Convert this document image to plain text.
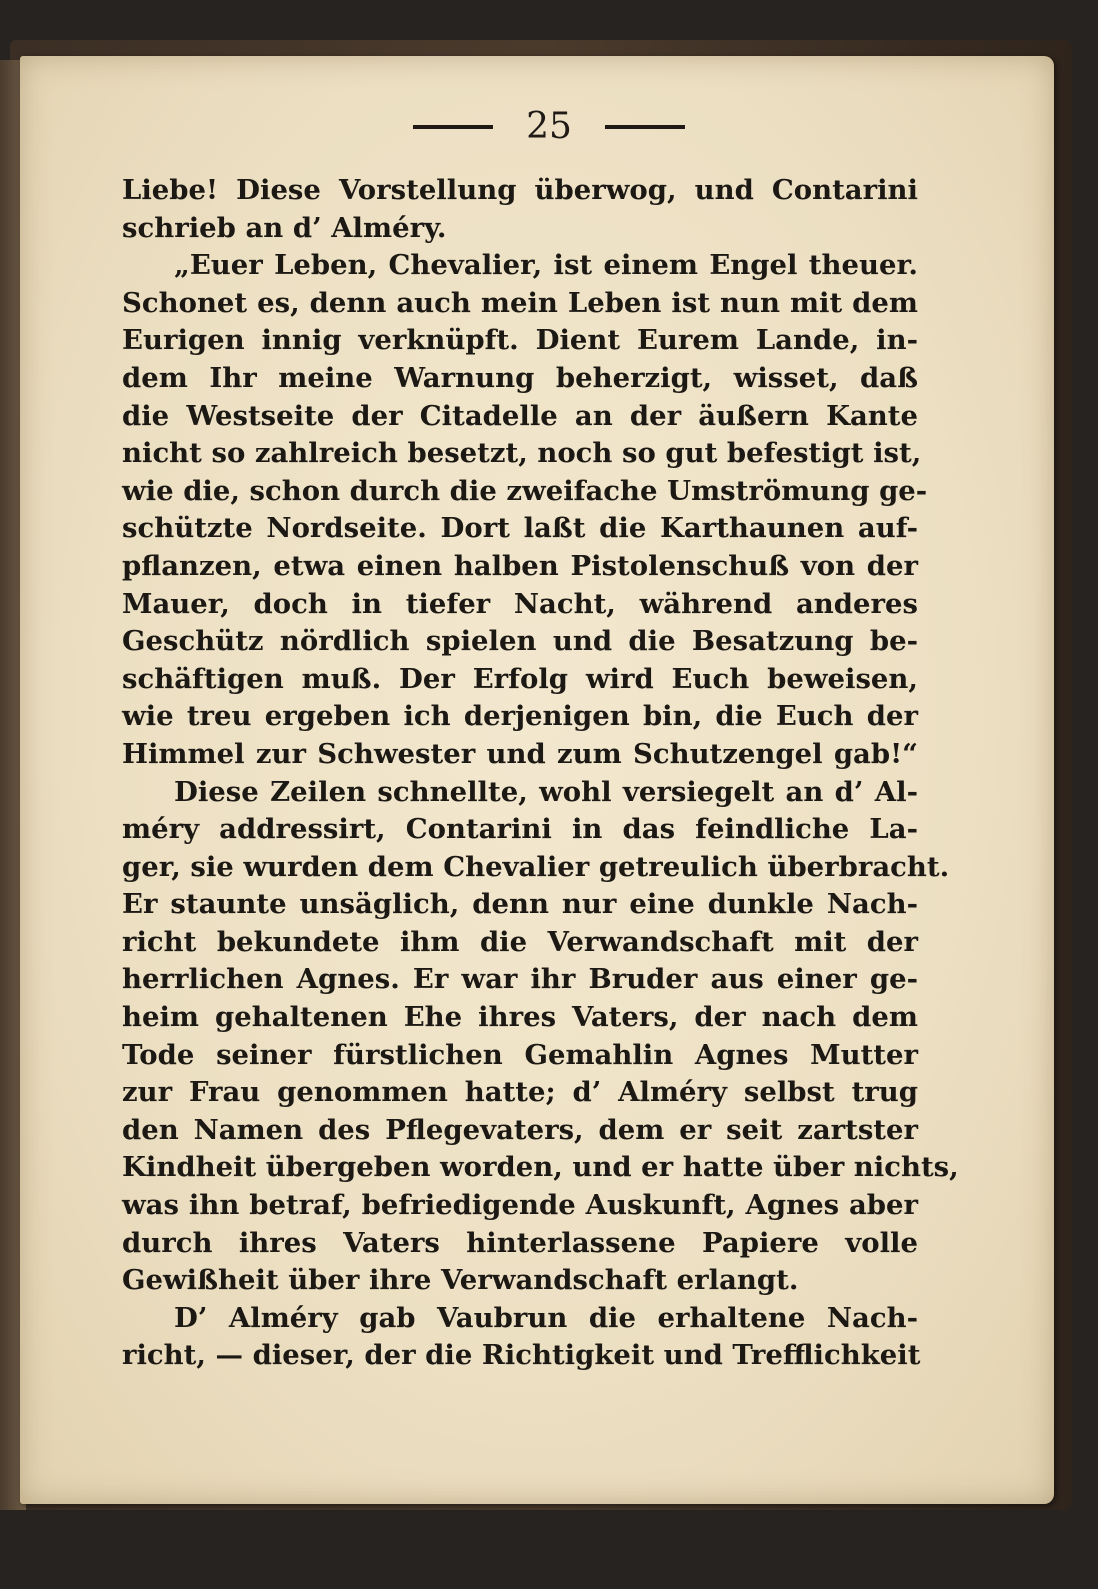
25
Liebe! Diese Vorstellung überwog, und Contarini
schrieb an d’ Alméry.
„Euer Leben, Chevalier, ist einem Engel theuer.
Schonet es, denn auch mein Leben ist nun mit dem
Eurigen innig verknüpft. Dient Eurem Lande, in-
dem Ihr meine Warnung beherzigt, wisset, daß
die Westseite der Citadelle an der äußern Kante
nicht so zahlreich besetzt, noch so gut befestigt ist,
wie die, schon durch die zweifache Umströmung ge-
schützte Nordseite. Dort laßt die Karthaunen auf-
pflanzen, etwa einen halben Pistolenschuß von der
Mauer, doch in tiefer Nacht, während anderes
Geschütz nördlich spielen und die Besatzung be-
schäftigen muß. Der Erfolg wird Euch beweisen,
wie treu ergeben ich derjenigen bin, die Euch der
Himmel zur Schwester und zum Schutzengel gab!“
Diese Zeilen schnellte, wohl versiegelt an d’ Al-
méry addressirt, Contarini in das feindliche La-
ger, sie wurden dem Chevalier getreulich überbracht.
Er staunte unsäglich, denn nur eine dunkle Nach-
richt bekundete ihm die Verwandschaft mit der
herrlichen Agnes. Er war ihr Bruder aus einer ge-
heim gehaltenen Ehe ihres Vaters, der nach dem
Tode seiner fürstlichen Gemahlin Agnes Mutter
zur Frau genommen hatte; d’ Alméry selbst trug
den Namen des Pflegevaters, dem er seit zartster
Kindheit übergeben worden, und er hatte über nichts,
was ihn betraf, befriedigende Auskunft, Agnes aber
durch ihres Vaters hinterlassene Papiere volle
Gewißheit über ihre Verwandschaft erlangt.
D’ Alméry gab Vaubrun die erhaltene Nach-
richt, — dieser, der die Richtigkeit und Trefflichkeit
